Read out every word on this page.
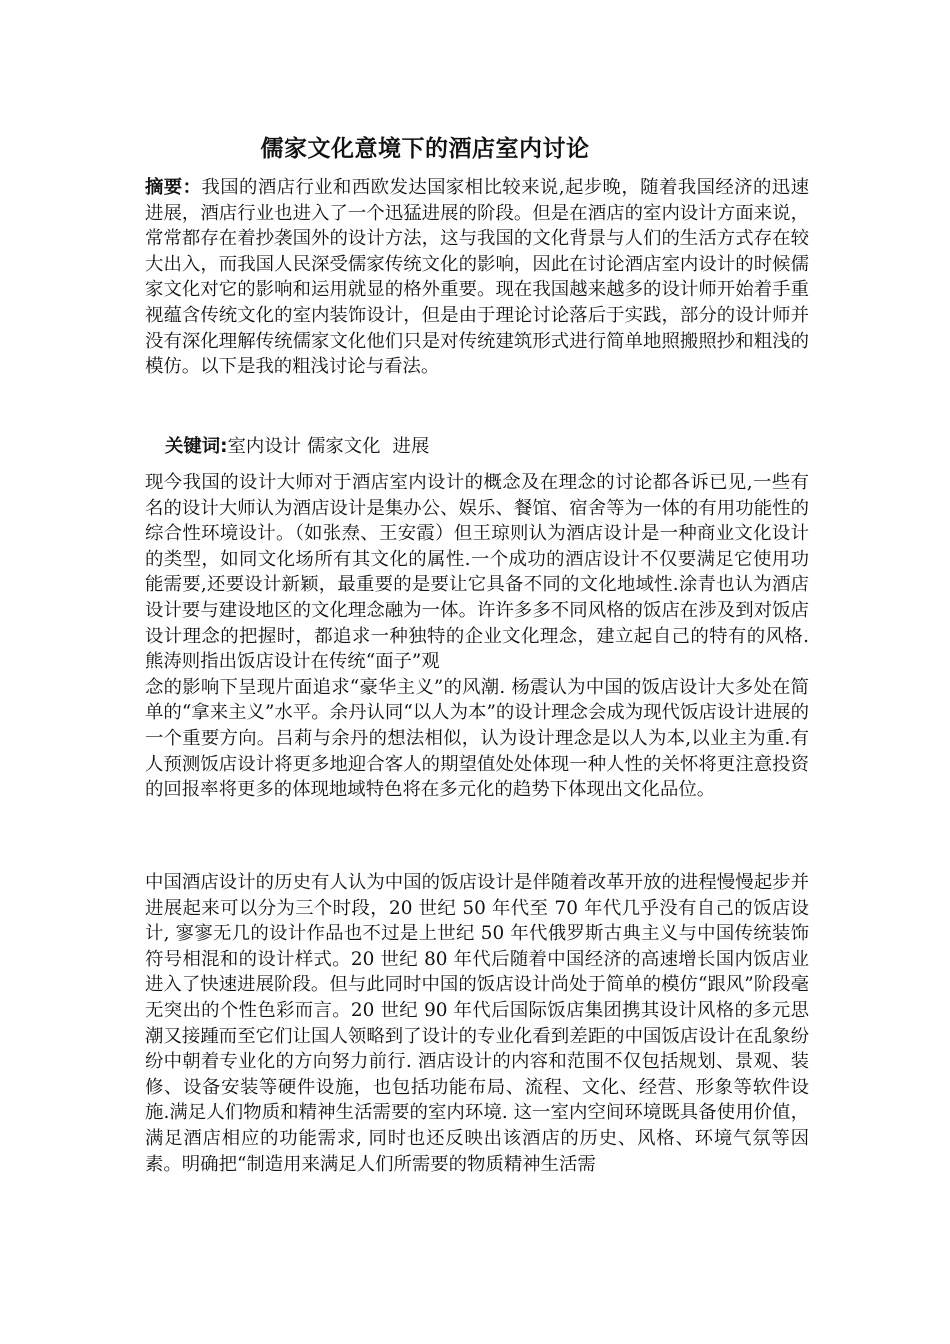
儒家文化意境下的酒店室内讨论
摘要：我国的酒店行业和西欧发达国家相比较来说,起步晚，随着我国经济的迅速进展，酒店行业也进入了一个迅猛进展的阶段。但是在酒店的室内设计方面来说，常常都存在着抄袭国外的设计方法，这与我国的文化背景与人们的生活方式存在较大出入，而我国人民深受儒家传统文化的影响，因此在讨论酒店室内设计的时候儒家文化对它的影响和运用就显的格外重要。现在我国越来越多的设计师开始着手重视蕴含传统文化的室内装饰设计，但是由于理论讨论落后于实践，部分的设计师并没有深化理解传统儒家文化他们只是对传统建筑形式进行简单地照搬照抄和粗浅的模仿。以下是我的粗浅讨论与看法。
关键词:室内设计 儒家文化 进展
现今我国的设计大师对于酒店室内设计的概念及在理念的讨论都各诉已见,一些有名的设计大师认为酒店设计是集办公、娱乐、餐馆、宿舍等为一体的有用功能性的综合性环境设计。（如张焘、王安霞）但王琼则认为酒店设计是一种商业文化设计的类型，如同文化场所有其文化的属性.一个成功的酒店设计不仅要满足它使用功能需要,还要设计新颖，最重要的是要让它具备不同的文化地域性.涂青也认为酒店设计要与建设地区的文化理念融为一体。许许多多不同风格的饭店在涉及到对饭店设计理念的把握时，都追求一种独特的企业文化理念，建立起自己的特有的风格.熊涛则指出饭店设计在传统“面子”观
念的影响下呈现片面追求“豪华主义”的风潮. 杨震认为中国的饭店设计大多处在简单的“拿来主义”水平。余丹认同“以人为本”的设计理念会成为现代饭店设计进展的一个重要方向。吕莉与余丹的想法相似，认为设计理念是以人为本,以业主为重.有人预测饭店设计将更多地迎合客人的期望值处处体现一种人性的关怀将更注意投资的回报率将更多的体现地域特色将在多元化的趋势下体现出文化品位。
中国酒店设计的历史有人认为中国的饭店设计是伴随着改革开放的进程慢慢起步并进展起来可以分为三个时段，20 世纪 50 年代至 70 年代几乎没有自己的饭店设计, 寥寥无几的设计作品也不过是上世纪 50 年代俄罗斯古典主义与中国传统装饰符号相混和的设计样式。20 世纪 80 年代后随着中国经济的高速增长国内饭店业进入了快速进展阶段。但与此同时中国的饭店设计尚处于简单的模仿“跟风”阶段毫无突出的个性色彩而言。20 世纪 90 年代后国际饭店集团携其设计风格的多元思潮又接踵而至它们让国人领略到了设计的专业化看到差距的中国饭店设计在乱象纷纷中朝着专业化的方向努力前行. 酒店设计的内容和范围不仅包括规划、景观、装修、设备安装等硬件设施，也包括功能布局、流程、文化、经营、形象等软件设施.满足人们物质和精神生活需要的室内环境. 这一室内空间环境既具备使用价值，满足酒店相应的功能需求, 同时也还反映出该酒店的历史、风格、环境气氛等因素。明确把“制造用来满足人们所需要的物质精神生活需
